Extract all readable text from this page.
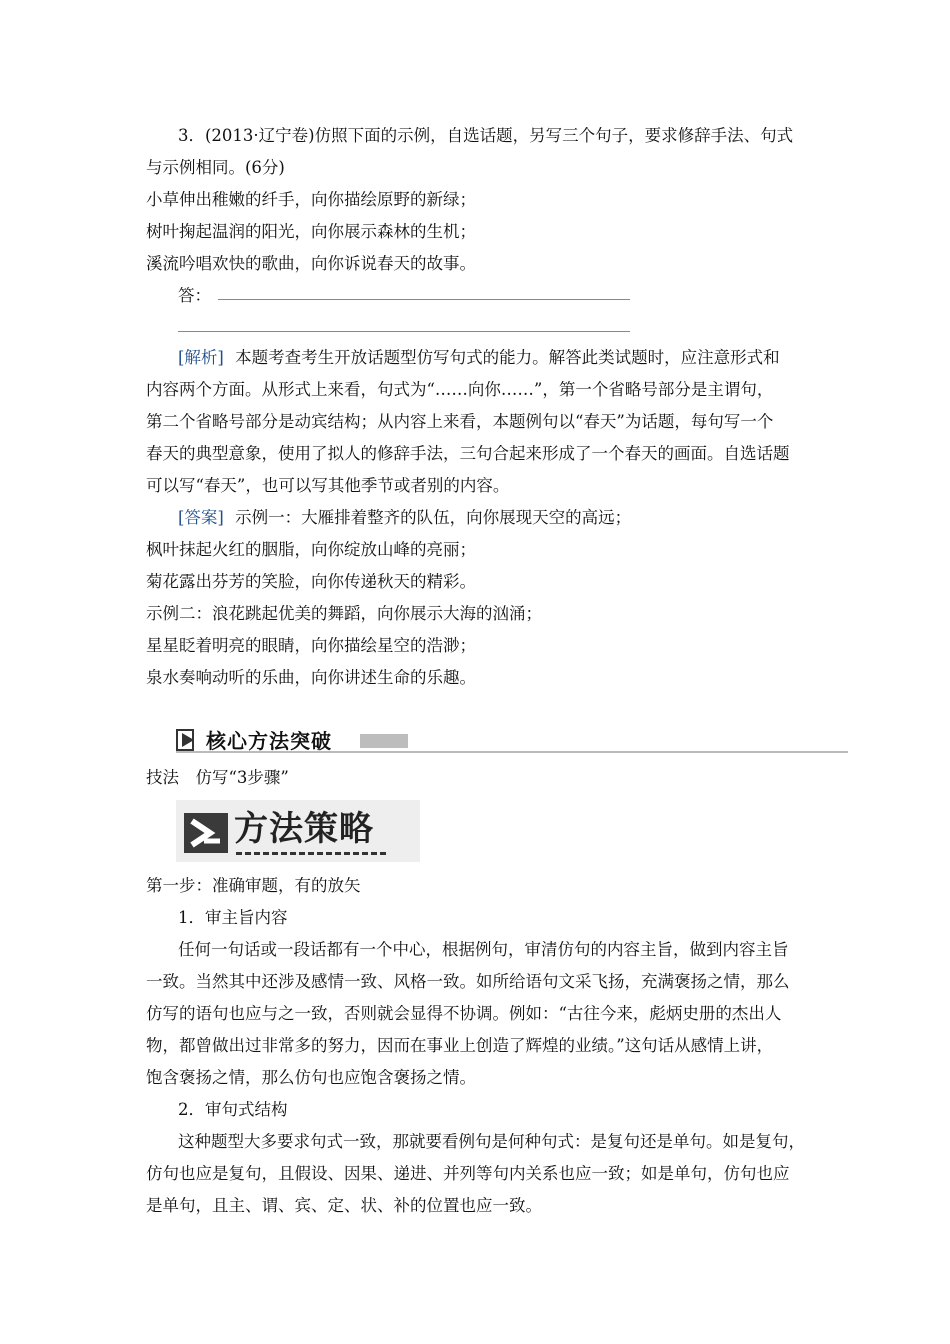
3．(2013·辽宁卷)仿照下面的示例，自选话题，另写三个句子，要求修辞手法、句式
与示例相同。(6分)
小草伸出稚嫩的纤手，向你描绘原野的新绿；
树叶掬起温润的阳光，向你展示森林的生机；
溪流吟唱欢快的歌曲，向你诉说春天的故事。
答：
[解析] 本题考查考生开放话题型仿写句式的能力。解答此类试题时，应注意形式和
内容两个方面。从形式上来看，句式为“……向你……”，第一个省略号部分是主谓句，
第二个省略号部分是动宾结构；从内容上来看，本题例句以“春天”为话题，每句写一个
春天的典型意象，使用了拟人的修辞手法，三句合起来形成了一个春天的画面。自选话题
可以写“春天”，也可以写其他季节或者别的内容。
[答案] 示例一：大雁排着整齐的队伍，向你展现天空的高远；
枫叶抹起火红的胭脂，向你绽放山峰的亮丽；
菊花露出芬芳的笑脸，向你传递秋天的精彩。
示例二：浪花跳起优美的舞蹈，向你展示大海的汹涌；
星星眨着明亮的眼睛，向你描绘星空的浩渺；
泉水奏响动听的乐曲，向你讲述生命的乐趣。
核心方法突破
技法　仿写“3步骤”
方法策略
第一步：准确审题，有的放矢
1．审主旨内容
任何一句话或一段话都有一个中心，根据例句，审清仿句的内容主旨，做到内容主旨
一致。当然其中还涉及感情一致、风格一致。如所给语句文采飞扬，充满褒扬之情，那么
仿写的语句也应与之一致，否则就会显得不协调。例如：“古往今来，彪炳史册的杰出人
物，都曾做出过非常多的努力，因而在事业上创造了辉煌的业绩。”这句话从感情上讲，
饱含褒扬之情，那么仿句也应饱含褒扬之情。
2．审句式结构
这种题型大多要求句式一致，那就要看例句是何种句式：是复句还是单句。如是复句，
仿句也应是复句，且假设、因果、递进、并列等句内关系也应一致；如是单句，仿句也应
是单句，且主、谓、宾、定、状、补的位置也应一致。
